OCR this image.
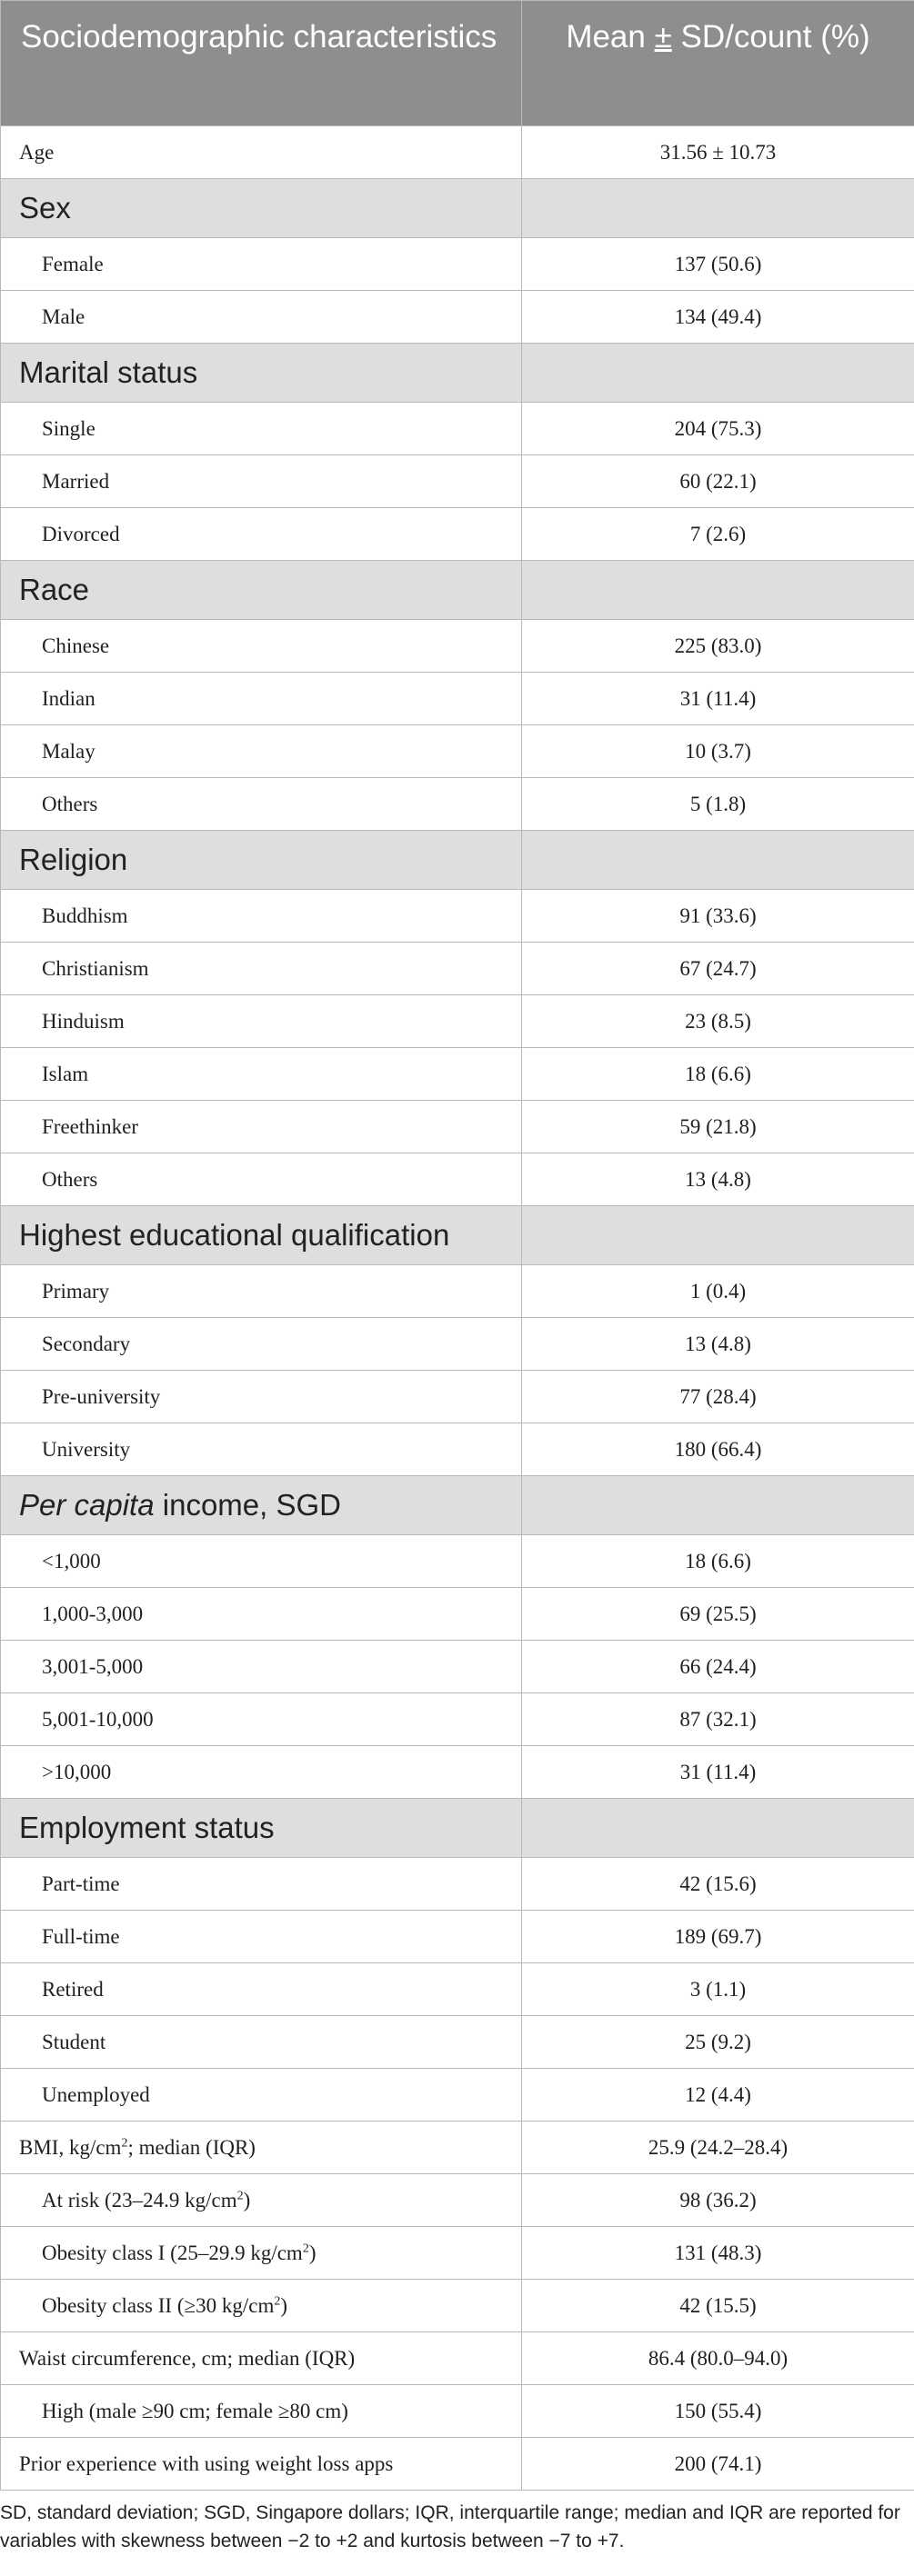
Sociodemographic characteristics	Mean ± SD/count (%)
Age	31.56 ± 10.73
Sex	
Female	137 (50.6)
Male	134 (49.4)
Marital status	
Single	204 (75.3)
Married	60 (22.1)
Divorced	7 (2.6)
Race	
Chinese	225 (83.0)
Indian	31 (11.4)
Malay	10 (3.7)
Others	5 (1.8)
Religion	
Buddhism	91 (33.6)
Christianism	67 (24.7)
Hinduism	23 (8.5)
Islam	18 (6.6)
Freethinker	59 (21.8)
Others	13 (4.8)
Highest educational qualification	
Primary	1 (0.4)
Secondary	13 (4.8)
Pre-university	77 (28.4)
University	180 (66.4)
Per capita income, SGD	
<1,000	18 (6.6)
1,000-3,000	69 (25.5)
3,001-5,000	66 (24.4)
5,001-10,000	87 (32.1)
>10,000	31 (11.4)
Employment status	
Part-time	42 (15.6)
Full-time	189 (69.7)
Retired	3 (1.1)
Student	25 (9.2)
Unemployed	12 (4.4)
BMI, $kg/cm^2$; median (IQR)	25.9 (24.2–28.4)
At risk (23–24.9 $kg/cm^2$)	98 (36.2)
Obesity class I (25–29.9 $kg/cm^2$)	131 (48.3)
Obesity class II (≥30 $kg/cm^2$)	42 (15.5)
Waist circumference, cm; median (IQR)	86.4 (80.0–94.0)
High (male ≥90 cm; female ≥80 cm)	150 (55.4)
Prior experience with using weight loss apps	200 (74.1)

SD, standard deviation; SGD, Singapore dollars; IQR, interquartile range; median and IQR are reported for variables with skewness between −2 to +2 and kurtosis between −7 to +7.
